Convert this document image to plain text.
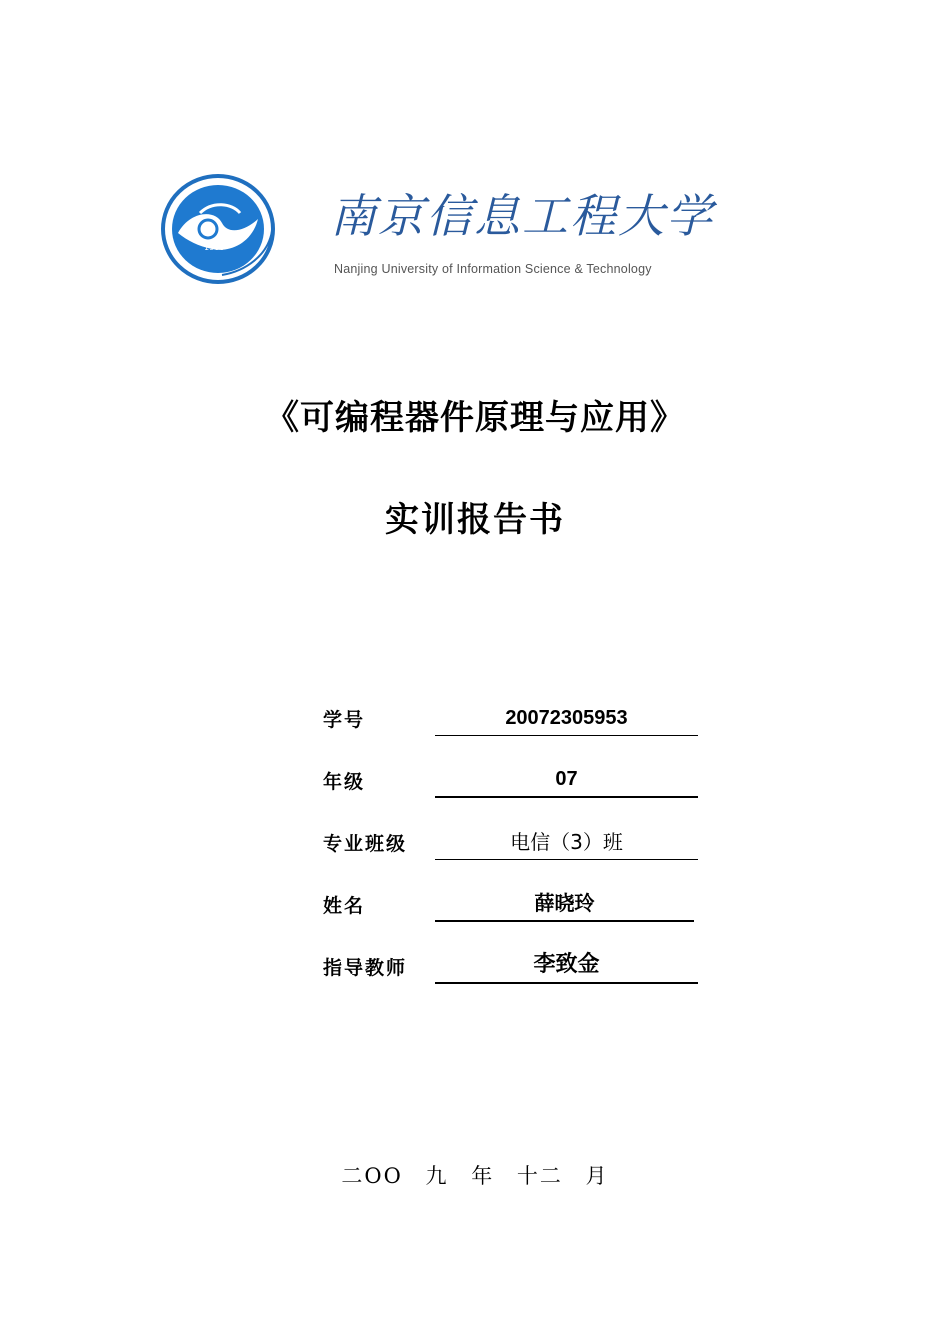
1960
南京信息工程大学
Nanjing University of Information Science & Technology
《可编程器件原理与应用》
实训报告书
学号	20072305953
年级	07
专业班级	电信（3）班
姓名	薛晓玲
指导教师	李致金
二OO 九 年 十二 月
